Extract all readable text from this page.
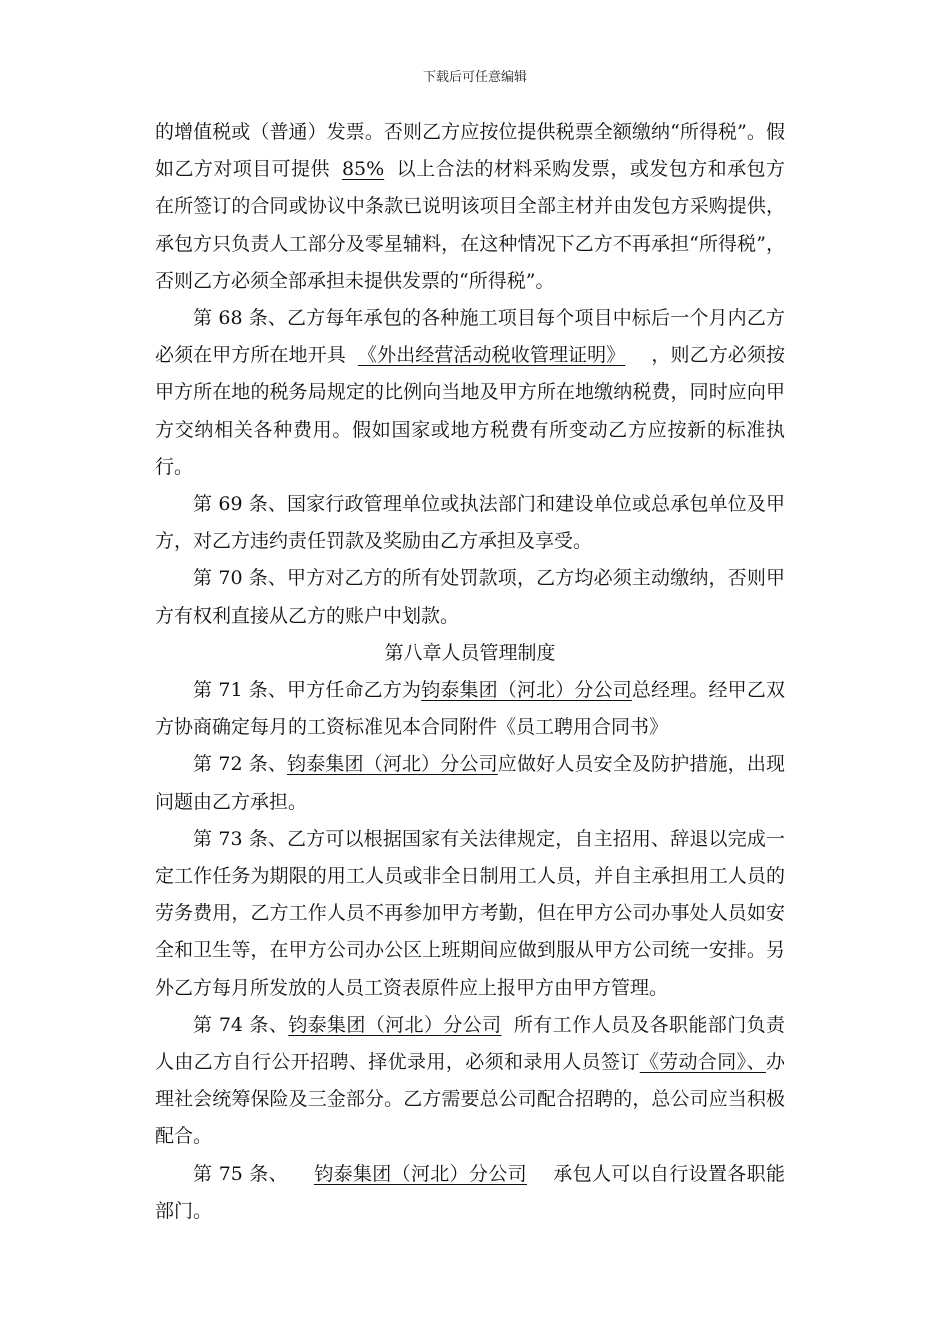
下载后可任意编辑

的增值税或（普通）发票。否则乙方应按位提供税票全额缴纳“所得税”。假如乙方对项目可提供 85% 以上合法的材料采购发票，或发包方和承包方在所签订的合同或协议中条款已说明该项目全部主材并由发包方采购提供，承包方只负责人工部分及零星辅料，在这种情况下乙方不再承担“所得税”，否则乙方必须全部承担未提供发票的“所得税”。

第 68 条、乙方每年承包的各种施工项目每个项目中标后一个月内乙方必须在甲方所在地开具 《外出经营活动税收管理证明》 ，则乙方必须按甲方所在地的税务局规定的比例向当地及甲方所在地缴纳税费，同时应向甲方交纳相关各种费用。假如国家或地方税费有所变动乙方应按新的标准执行。

第 69 条、国家行政管理单位或执法部门和建设单位或总承包单位及甲方，对乙方违约责任罚款及奖励由乙方承担及享受。

第 70 条、甲方对乙方的所有处罚款项，乙方均必须主动缴纳，否则甲方有权利直接从乙方的账户中划款。

第八章人员管理制度

第 71 条、甲方任命乙方为钧泰集团（河北）分公司总经理。经甲乙双方协商确定每月的工资标准见本合同附件《员工聘用合同书》

第 72 条、钧泰集团（河北）分公司应做好人员安全及防护措施，出现问题由乙方承担。

第 73 条、乙方可以根据国家有关法律规定，自主招用、辞退以完成一定工作任务为期限的用工人员或非全日制用工人员，并自主承担用工人员的劳务费用，乙方工作人员不再参加甲方考勤，但在甲方公司办事处人员如安全和卫生等，在甲方公司办公区上班期间应做到服从甲方公司统一安排。另外乙方每月所发放的人员工资表原件应上报甲方由甲方管理。

第 74 条、钧泰集团（河北）分公司 所有工作人员及各职能部门负责人由乙方自行公开招聘、择优录用，必须和录用人员签订《劳动合同》、办理社会统筹保险及三金部分。乙方需要总公司配合招聘的，总公司应当积极配合。

第 75 条、 钧泰集团（河北）分公司 承包人可以自行设置各职能部门。
